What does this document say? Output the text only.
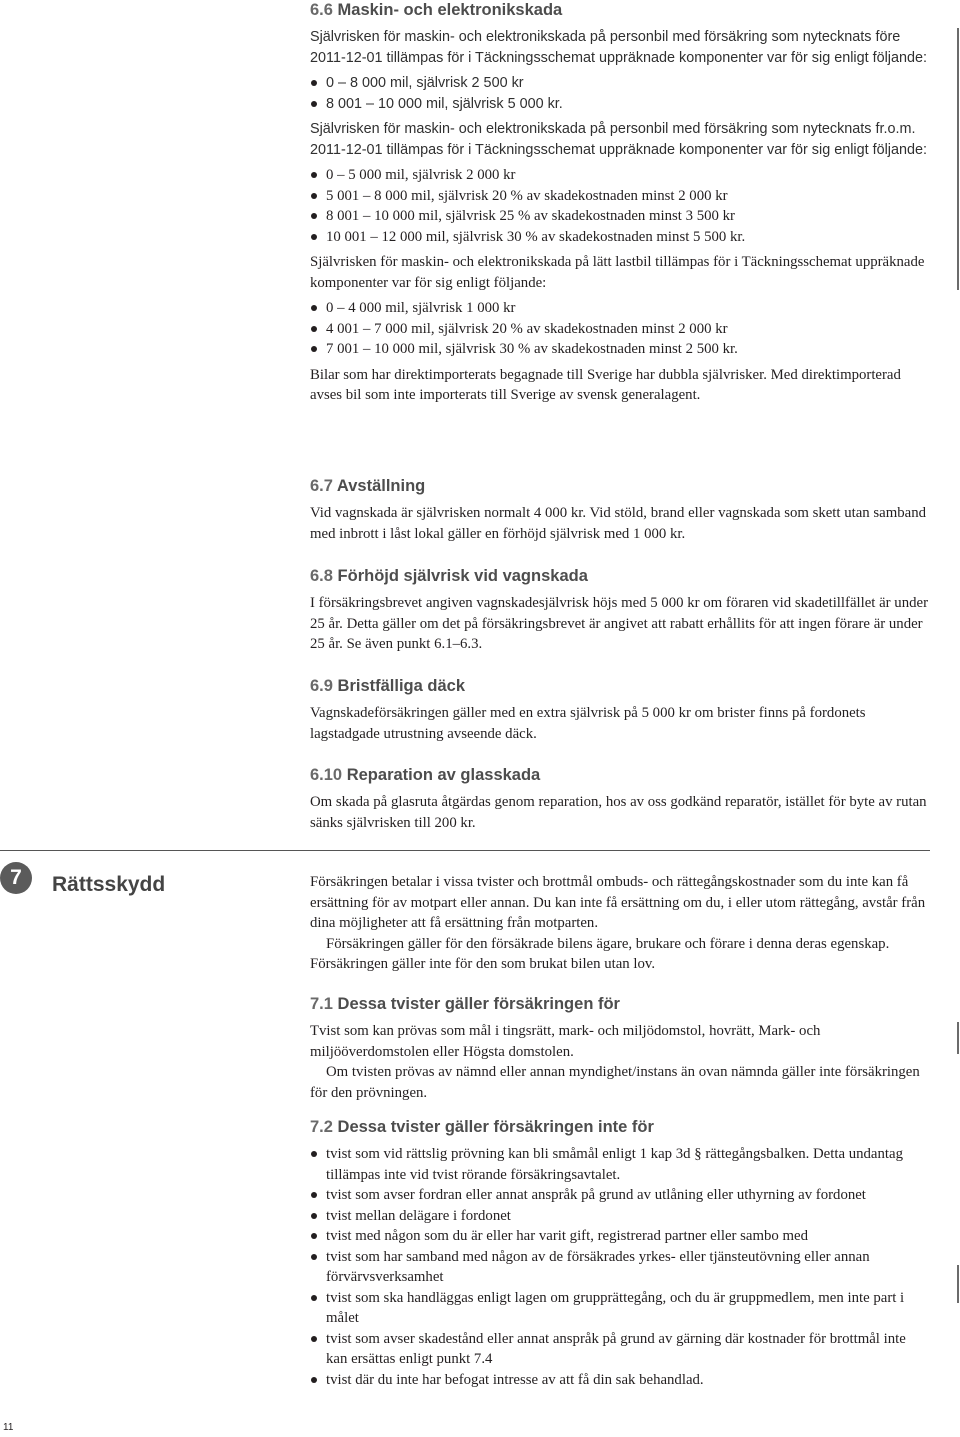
6.6 Maskin- och elektronikskada

Självrisken för maskin- och elektronikskada på personbil med försäkring som nytecknats före 2011-12-01 tillämpas för i Täckningsschemat uppräknade komponenter var för sig enligt följande:

0 – 8 000 mil, självrisk 2 500 kr
8 001 – 10 000 mil, självrisk 5 000 kr.

Självrisken för maskin- och elektronikskada på personbil med försäkring som nytecknats fr.o.m. 2011-12-01 tillämpas för i Täckningsschemat uppräknade komponenter var för sig enligt följande:

0 – 5 000 mil, självrisk 2 000 kr
5 001 – 8 000 mil, självrisk 20 % av skadekostnaden minst 2 000 kr
8 001 – 10 000 mil, självrisk 25 % av skadekostnaden minst 3 500 kr
10 001 – 12 000 mil, självrisk 30 % av skadekostnaden minst 5 500 kr.

Självrisken för maskin- och elektronikskada på lätt lastbil tillämpas för i Täckningsschemat uppräknade komponenter var för sig enligt följande:

0 – 4 000 mil, självrisk 1 000 kr
4 001 – 7 000 mil, självrisk 20 % av skadekostnaden minst 2 000 kr
7 001 – 10 000 mil, självrisk 30 % av skadekostnaden minst 2 500 kr.

Bilar som har direktimporterats begagnade till Sverige har dubbla självrisker. Med direktimporterad avses bil som inte importerats till Sverige av svensk generalagent.

6.7 Avställning

Vid vagnskada är självrisken normalt 4 000 kr. Vid stöld, brand eller vagnskada som skett utan samband med inbrott i låst lokal gäller en förhöjd självrisk med 1 000 kr.

6.8 Förhöjd självrisk vid vagnskada

I försäkringsbrevet angiven vagnskadesjälvrisk höjs med 5 000 kr om föraren vid skadetillfället är under 25 år. Detta gäller om det på försäkringsbrevet är angivet att rabatt erhållits för att ingen förare är under 25 år. Se även punkt 6.1–6.3.

6.9 Bristfälliga däck

Vagnskadeförsäkringen gäller med en extra självrisk på 5 000 kr om brister finns på fordonets lagstadgade utrustning avseende däck.

6.10 Reparation av glasskada

Om skada på glasruta åtgärdas genom reparation, hos av oss godkänd reparatör, istället för byte av rutan sänks självrisken till 200 kr.

7	Rättsskydd	Försäkringen betalar i vissa tvister och brottmål ombuds- och rättegångskostnader som du inte kan få ersättning för av motpart eller annan. Du kan inte få ersättning om du, i eller utom rättegång, avstår från dina möjligheter att få ersättning från motparten.

Försäkringen gäller för den försäkrade bilens ägare, brukare och förare i denna deras egenskap. Försäkringen gäller inte för den som brukat bilen utan lov.

7.1 Dessa tvister gäller försäkringen för

Tvist som kan prövas som mål i tingsrätt, mark- och miljödomstol, hovrätt, Mark- och miljööverdomstolen eller Högsta domstolen.

Om tvisten prövas av nämnd eller annan myndighet/instans än ovan nämnda gäller inte försäkringen för den prövningen.

7.2 Dessa tvister gäller försäkringen inte för
tvist som vid rättslig prövning kan bli småmål enligt 1 kap 3d § rättegångsbalken. Detta undantag tillämpas inte vid tvist rörande försäkringsavtalet.
tvist som avser fordran eller annat anspråk på grund av utlåning eller uthyrning av fordonet
tvist mellan delägare i fordonet
tvist med någon som du är eller har varit gift, registrerad partner eller sambo med
tvist som har samband med någon av de försäkrades yrkes- eller tjänsteutövning eller annan förvärvsverksamhet
tvist som ska handläggas enligt lagen om grupprättegång, och du är gruppmedlem, men inte part i målet
tvist som avser skadestånd eller annat anspråk på grund av gärning där kostnader för brottmål inte kan ersättas enligt punkt 7.4
tvist där du inte har befogat intresse av att få din sak behandlad.
11
